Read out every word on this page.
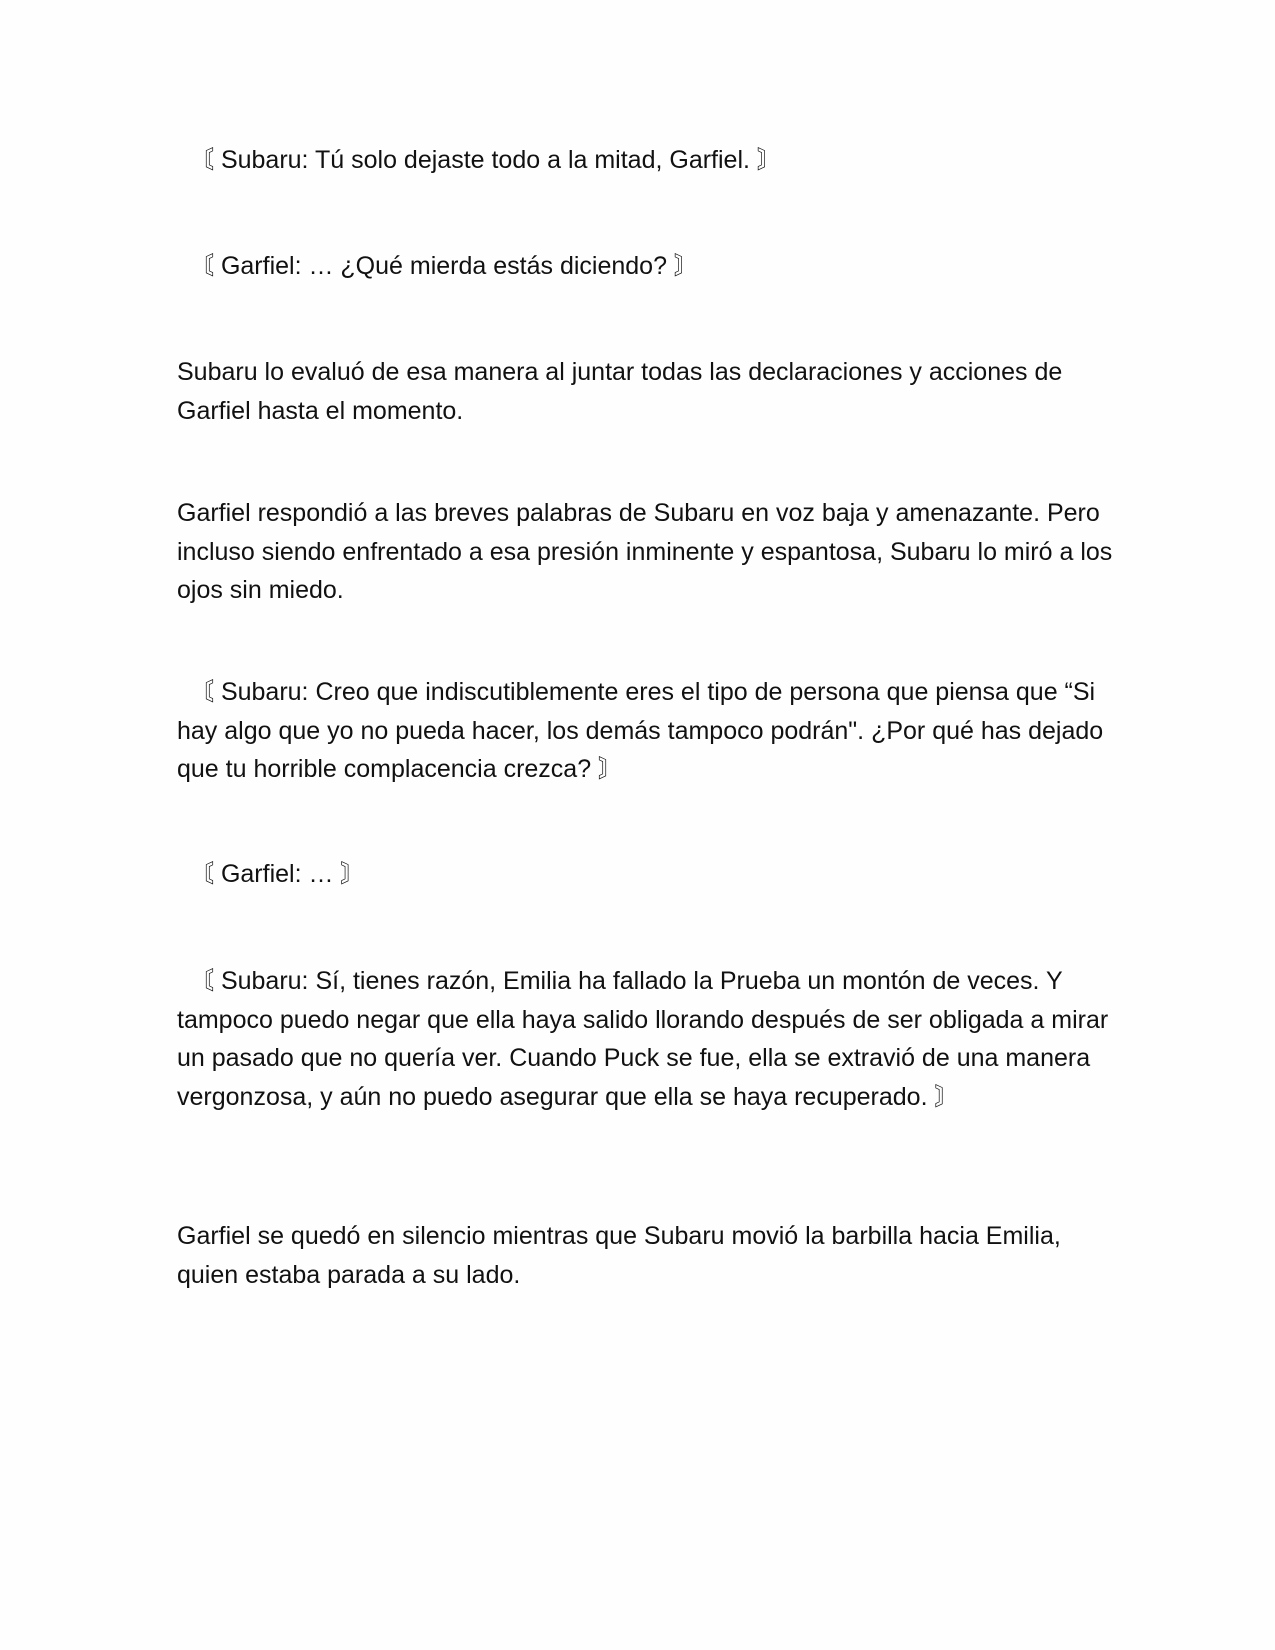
〘 Subaru: Tú solo dejaste todo a la mitad, Garfiel. 〙

〘 Garfiel: … ¿Qué mierda estás diciendo? 〙

Subaru lo evaluó de esa manera al juntar todas las declaraciones y acciones de Garfiel hasta el momento.

Garfiel respondió a las breves palabras de Subaru en voz baja y amenazante. Pero incluso siendo enfrentado a esa presión inminente y espantosa, Subaru lo miró a los ojos sin miedo.

〘 Subaru: Creo que indiscutiblemente eres el tipo de persona que piensa que “Si hay algo que yo no pueda hacer, los demás tampoco podrán". ¿Por qué has dejado que tu horrible complacencia crezca? 〙

〘 Garfiel: … 〙

〘 Subaru: Sí, tienes razón, Emilia ha fallado la Prueba un montón de veces. Y tampoco puedo negar que ella haya salido llorando después de ser obligada a mirar un pasado que no quería ver. Cuando Puck se fue, ella se extravió de una manera vergonzosa, y aún no puedo asegurar que ella se haya recuperado. 〙

Garfiel se quedó en silencio mientras que Subaru movió la barbilla hacia Emilia, quien estaba parada a su lado.
